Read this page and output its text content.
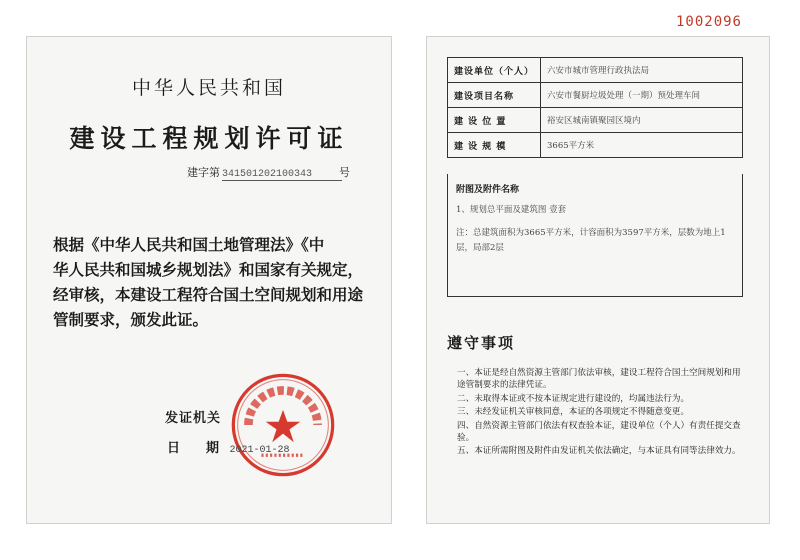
1002096
中华人民共和国
建设工程规划许可证
建字第 341501202100343 号
根据《中华人民共和国土地管理法》《中
华人民共和国城乡规划法》和国家有关规定，
经审核，本建设工程符合国土空间规划和用途
管制要求，颁发此证。
发证机关
日　　期 2021-01-28
建设单位（个人）	六安市城市管理行政执法局
建设项目名称	六安市餐厨垃圾处理（一期）预处理车间
建 设 位 置	裕安区城南镇聚园区境内
建 设 规 模	3665平方米
附图及附件名称
1、规划总平面及建筑图 壹套
注：总建筑面积为3665平方米，计容面积为3597平方米，层数为地上1层，局部2层
遵守事项
一、本证是经自然资源主管部门依法审核，建设工程符合国土空间规划和用途管制要求的法律凭证。
二、未取得本证或不按本证规定进行建设的，均属违法行为。
三、未经发证机关审核同意，本证的各项规定不得随意变更。
四、自然资源主管部门依法有权查验本证，建设单位（个人）有责任提交查验。
五、本证所需附图及附件由发证机关依法确定，与本证具有同等法律效力。
